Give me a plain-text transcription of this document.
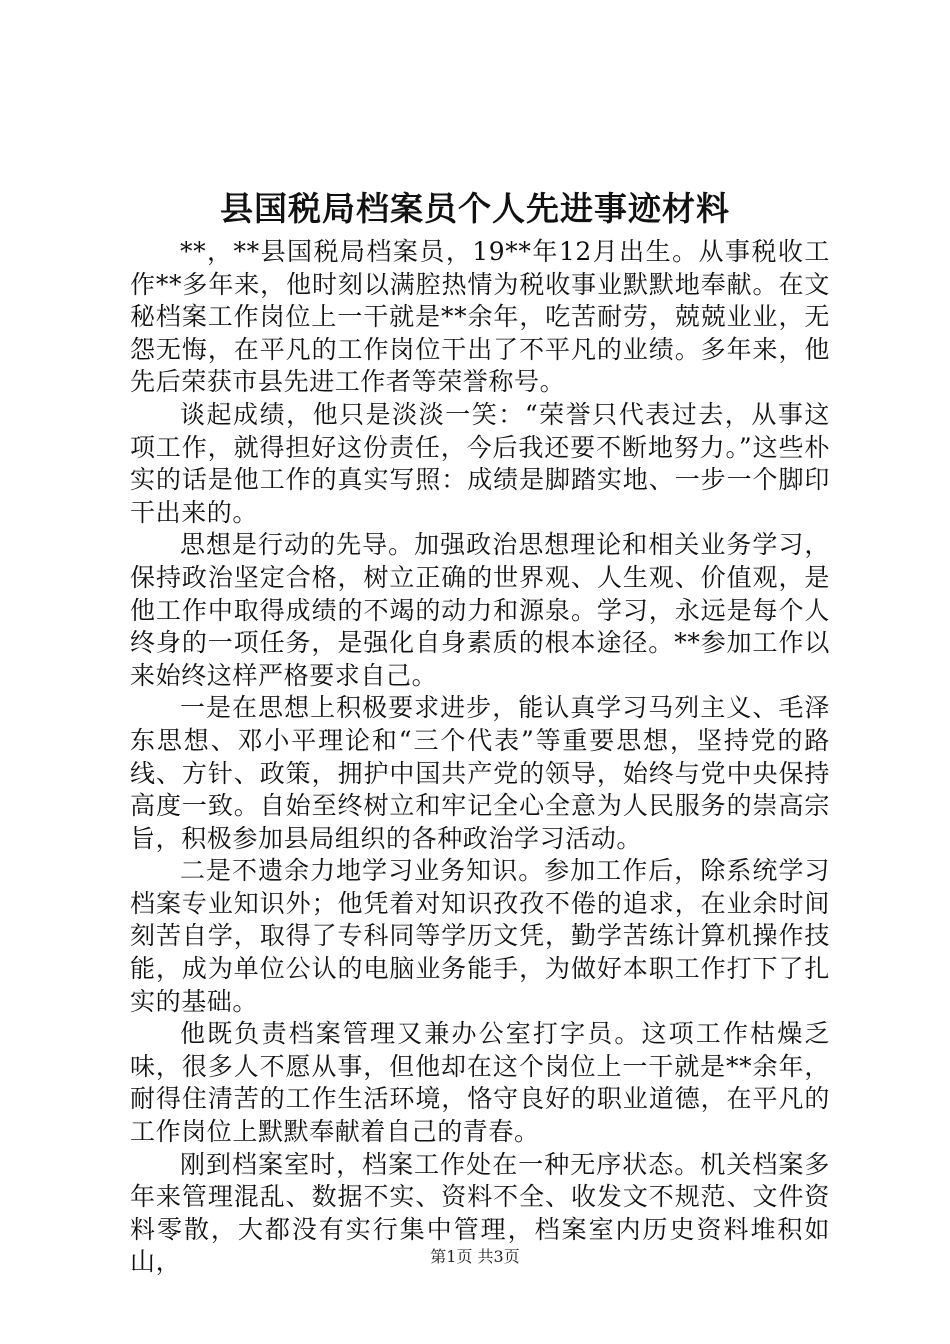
县国税局档案员个人先进事迹材料

**，**县国税局档案员，19**年12月出生。从事税收工作**多年来，他时刻以满腔热情为税收事业默默地奉献。在文秘档案工作岗位上一干就是**余年，吃苦耐劳，兢兢业业，无怨无悔，在平凡的工作岗位干出了不平凡的业绩。多年来，他先后荣获市县先进工作者等荣誉称号。

谈起成绩，他只是淡淡一笑：“荣誉只代表过去，从事这项工作，就得担好这份责任，今后我还要不断地努力。”这些朴实的话是他工作的真实写照：成绩是脚踏实地、一步一个脚印干出来的。

思想是行动的先导。加强政治思想理论和相关业务学习，保持政治坚定合格，树立正确的世界观、人生观、价值观，是他工作中取得成绩的不竭的动力和源泉。学习，永远是每个人终身的一项任务，是强化自身素质的根本途径。**参加工作以来始终这样严格要求自己。

一是在思想上积极要求进步，能认真学习马列主义、毛泽东思想、邓小平理论和“三个代表”等重要思想，坚持党的路线、方针、政策，拥护中国共产党的领导，始终与党中央保持高度一致。自始至终树立和牢记全心全意为人民服务的崇高宗旨，积极参加县局组织的各种政治学习活动。

二是不遗余力地学习业务知识。参加工作后，除系统学习档案专业知识外；他凭着对知识孜孜不倦的追求，在业余时间刻苦自学，取得了专科同等学历文凭，勤学苦练计算机操作技能，成为单位公认的电脑业务能手，为做好本职工作打下了扎实的基础。

他既负责档案管理又兼办公室打字员。这项工作枯燥乏味，很多人不愿从事，但他却在这个岗位上一干就是**余年，耐得住清苦的工作生活环境，恪守良好的职业道德，在平凡的工作岗位上默默奉献着自己的青春。

刚到档案室时，档案工作处在一种无序状态。机关档案多年来管理混乱、数据不实、资料不全、收发文不规范、文件资料零散，大都没有实行集中管理，档案室内历史资料堆积如山，	第1页 共3页
